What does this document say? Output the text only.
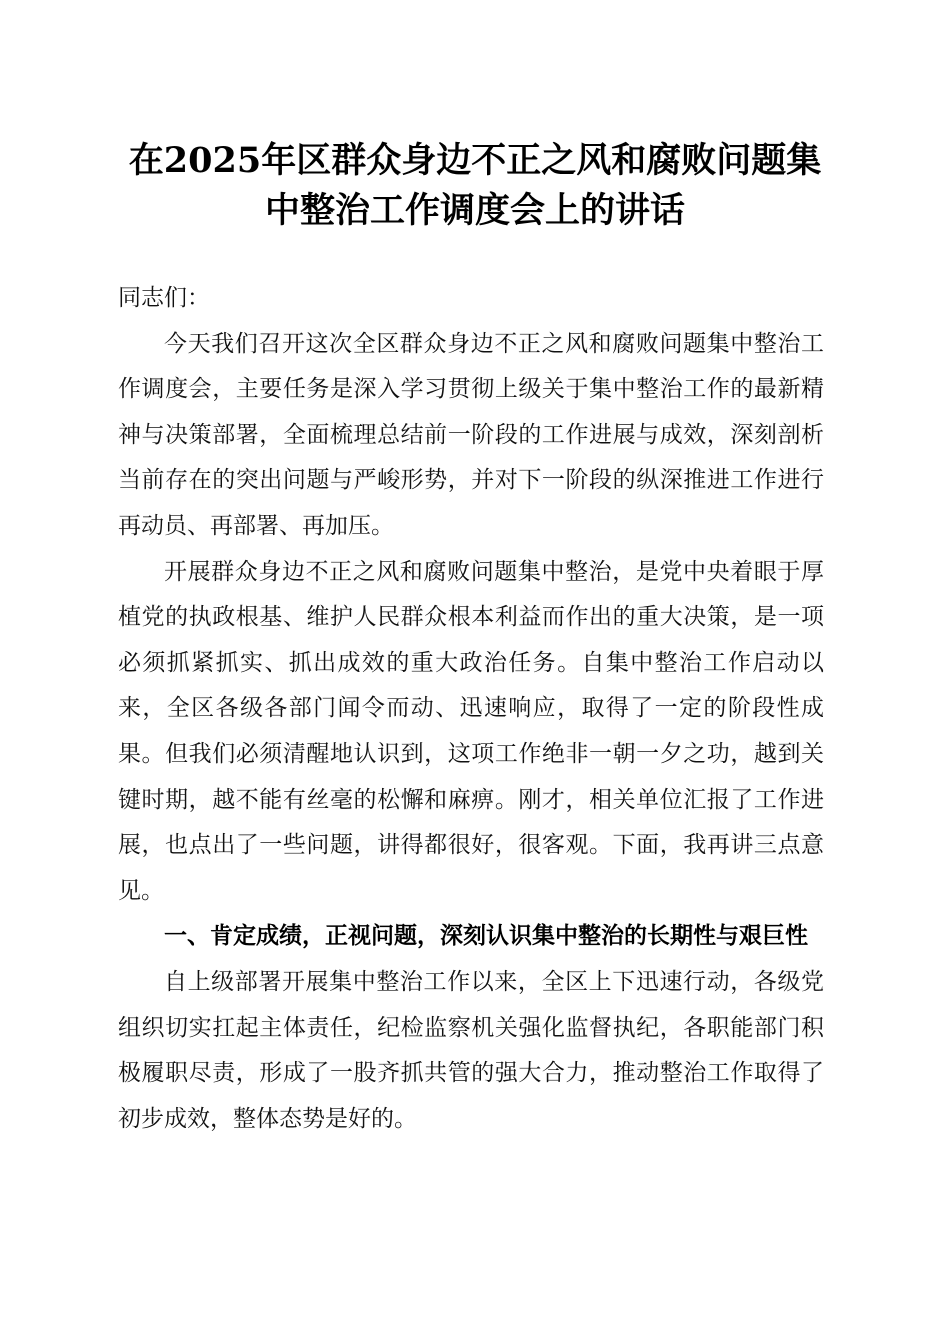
在2025年区群众身边不正之风和腐败问题集
中整治工作调度会上的讲话

同志们：

今天我们召开这次全区群众身边不正之风和腐败问题集中整治工作调度会，主要任务是深入学习贯彻上级关于集中整治工作的最新精神与决策部署，全面梳理总结前一阶段的工作进展与成效，深刻剖析当前存在的突出问题与严峻形势，并对下一阶段的纵深推进工作进行再动员、再部署、再加压。

开展群众身边不正之风和腐败问题集中整治，是党中央着眼于厚植党的执政根基、维护人民群众根本利益而作出的重大决策，是一项必须抓紧抓实、抓出成效的重大政治任务。自集中整治工作启动以来，全区各级各部门闻令而动、迅速响应，取得了一定的阶段性成果。但我们必须清醒地认识到，这项工作绝非一朝一夕之功，越到关键时期，越不能有丝毫的松懈和麻痹。刚才，相关单位汇报了工作进展，也点出了一些问题，讲得都很好，很客观。下面，我再讲三点意见。

一、肯定成绩，正视问题，深刻认识集中整治的长期性与艰巨性

自上级部署开展集中整治工作以来，全区上下迅速行动，各级党组织切实扛起主体责任，纪检监察机关强化监督执纪，各职能部门积极履职尽责，形成了一股齐抓共管的强大合力，推动整治工作取得了初步成效，整体态势是好的。
